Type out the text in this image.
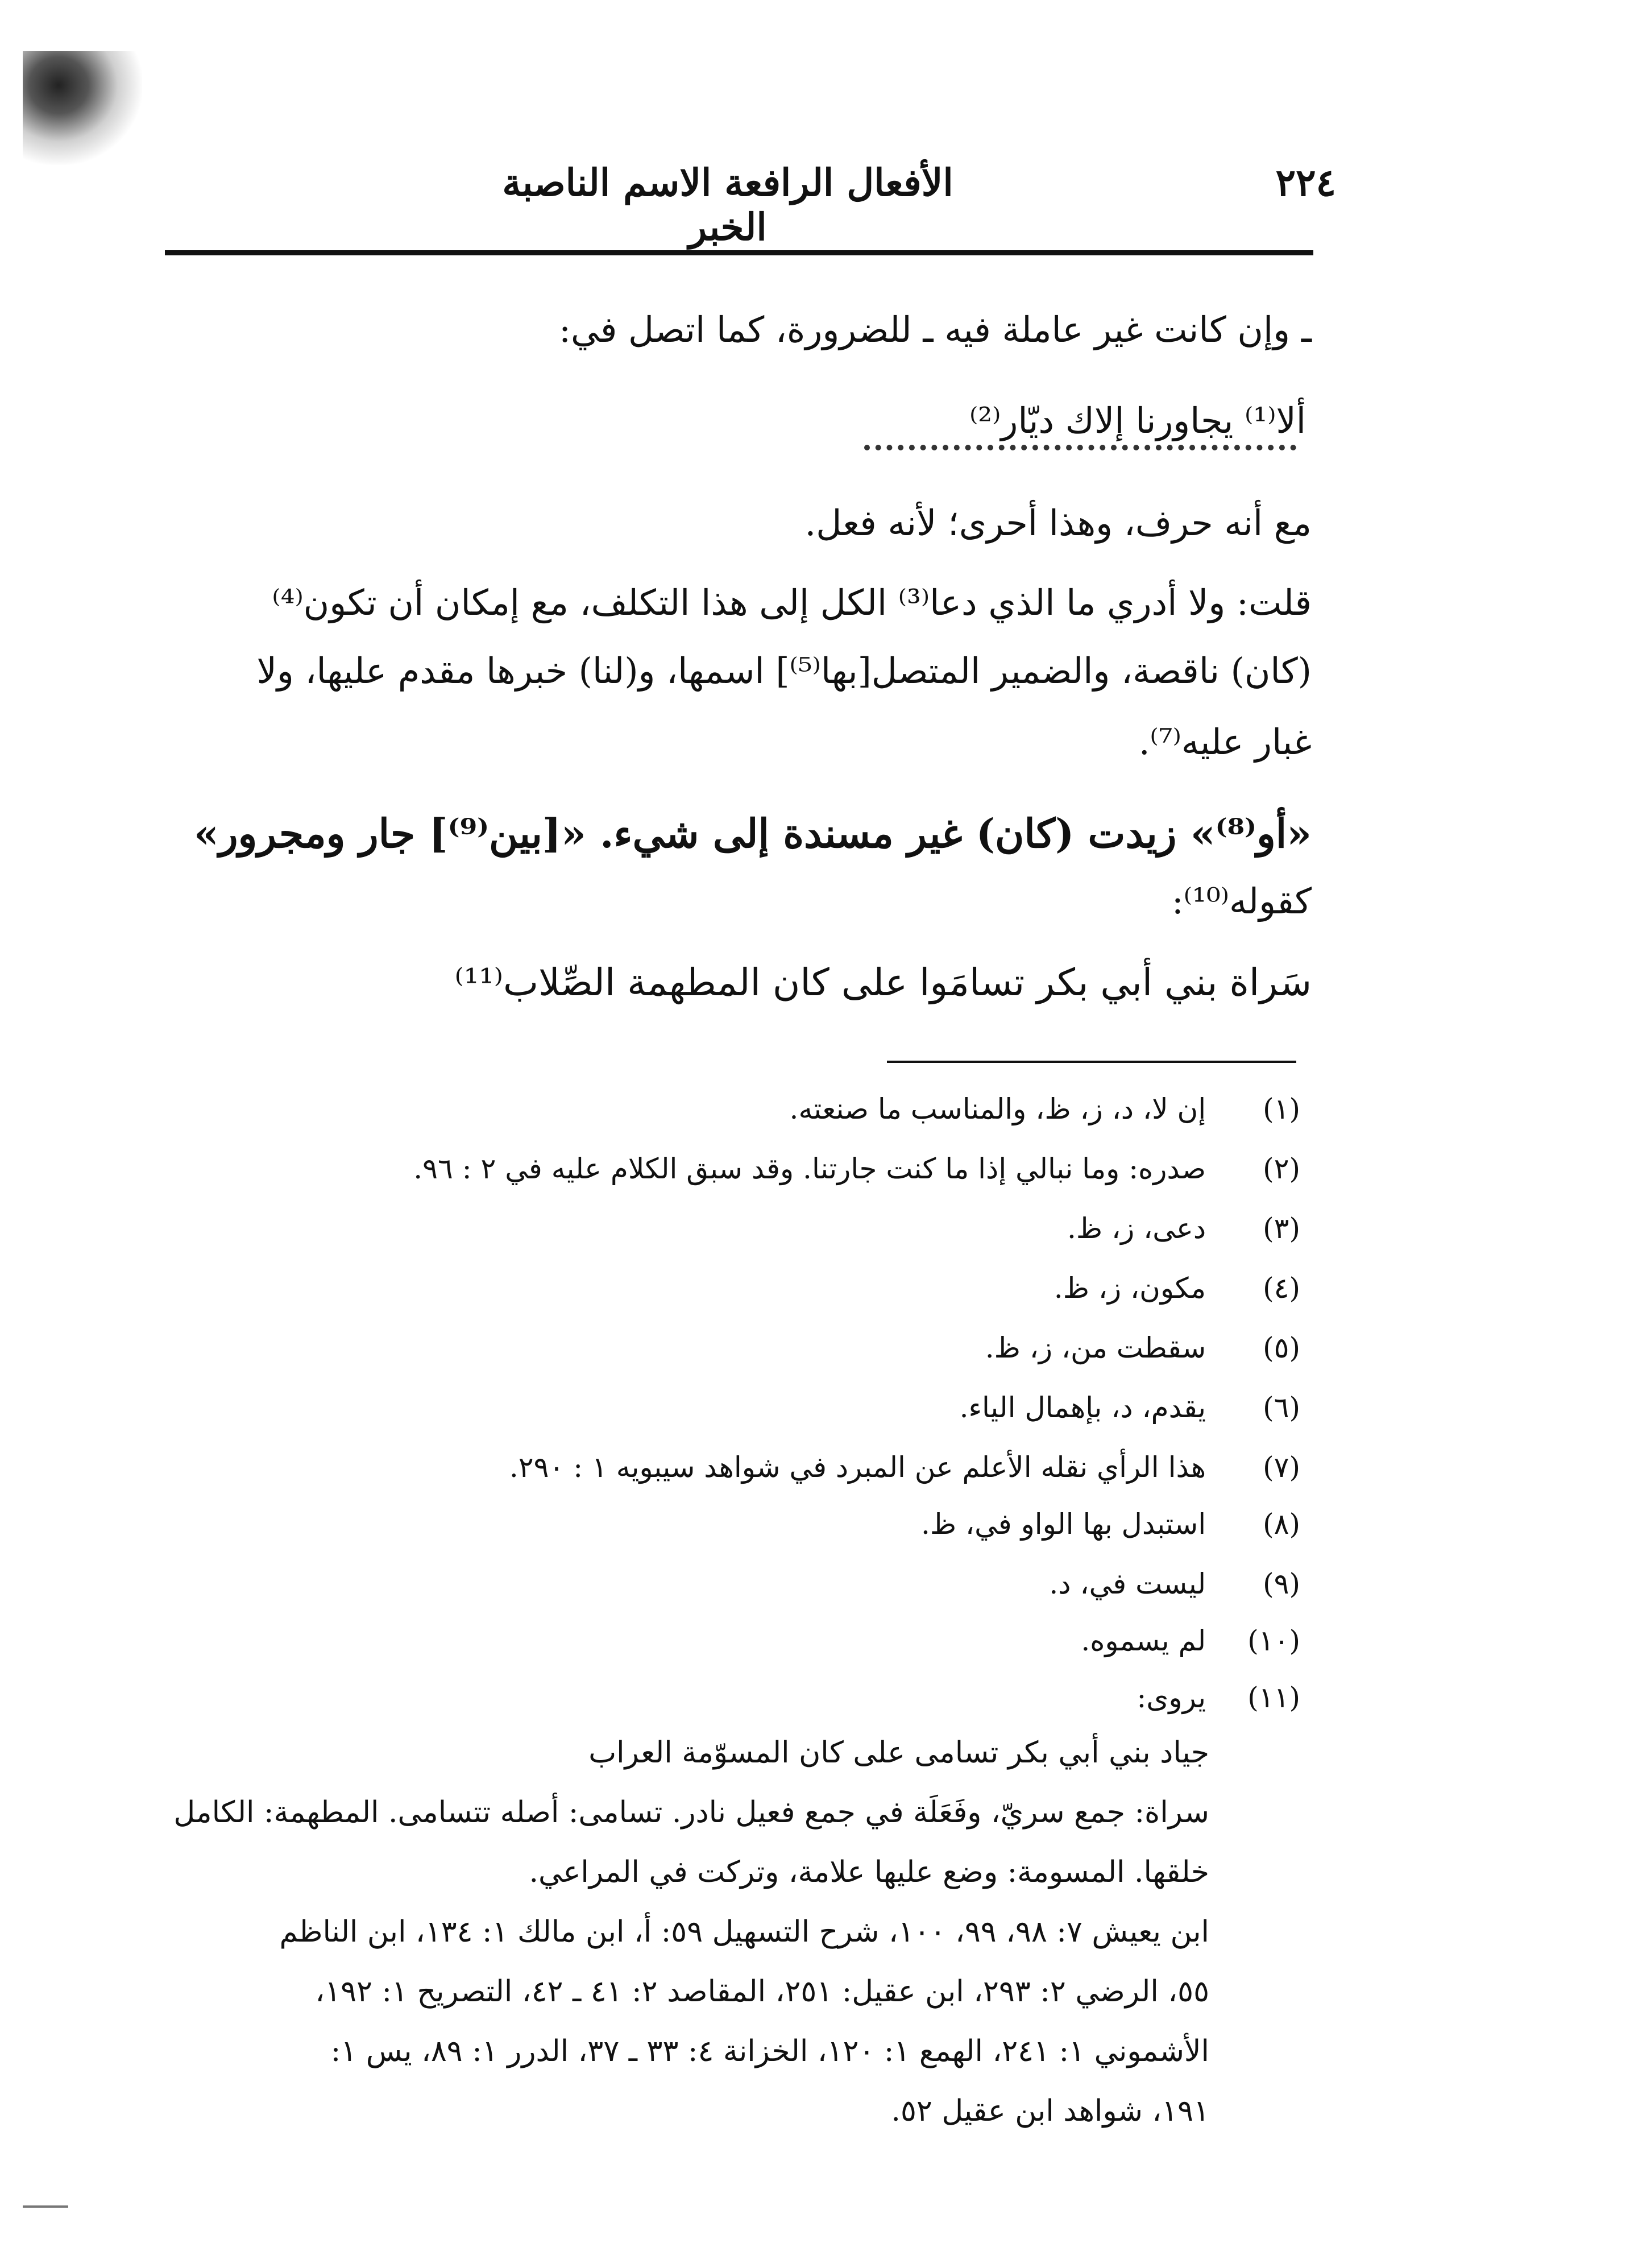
٢٢٤
الأفعال الرافعة الاسم الناصبة الخبر
ـ وإن كانت غير عاملة فيه ـ للضرورة، كما اتصل في:
ألا⁽¹⁾ يجاورنا إلاك ديّار⁽²⁾
مع أنه حرف، وهذا أحرى؛ لأنه فعل.
قلت: ولا أدري ما الذي دعا⁽³⁾ الكل إلى هذا التكلف، مع إمكان أن تكون⁽⁴⁾
(كان) ناقصة، والضمير المتصل[بها⁽⁵⁾] اسمها، و(لنا) خبرها مقدم عليها، ولا
غبار عليه⁽⁷⁾.
«أو⁽⁸⁾» زيدت (كان) غير مسندة إلى شيء. «[بين⁽⁹⁾] جار ومجرور»
كقوله⁽¹⁰⁾:
سَراة بني أبي بكر تسامَوا على كان المطهمة الصِّلاب⁽¹¹⁾
(١) إن لا، د، ز، ظ، والمناسب ما صنعته.
(٢) صدره: وما نبالي إذا ما كنت جارتنا. وقد سبق الكلام عليه في ٢ : ٩٦.
(٣) دعى، ز، ظ.
(٤) مكون، ز، ظ.
(٥) سقطت من، ز، ظ.
(٦) يقدم، د، بإهمال الياء.
(٧) هذا الرأي نقله الأعلم عن المبرد في شواهد سيبويه ١ : ٢٩٠.
(٨) استبدل بها الواو في، ظ.
(٩) ليست في، د.
(١٠) لم يسموه.
(١١) يروى:
جياد بني أبي بكر تسامى على كان المسوّمة العراب
سراة: جمع سريّ، وفَعَلَة في جمع فعيل نادر. تسامى: أصله تتسامى. المطهمة: الكامل
خلقها. المسومة: وضع عليها علامة، وتركت في المراعي.
ابن يعيش ٧: ٩٨، ٩٩، ١٠٠، شرح التسهيل ٥٩: أ، ابن مالك ١: ١٣٤، ابن الناظم
٥٥، الرضي ٢: ٢٩٣، ابن عقيل: ٢٥١، المقاصد ٢: ٤١ ـ ٤٢، التصريح ١: ١٩٢،
الأشموني ١: ٢٤١، الهمع ١: ١٢٠، الخزانة ٤: ٣٣ ـ ٣٧، الدرر ١: ٨٩، يس ١:
١٩١، شواهد ابن عقيل ٥٢.
